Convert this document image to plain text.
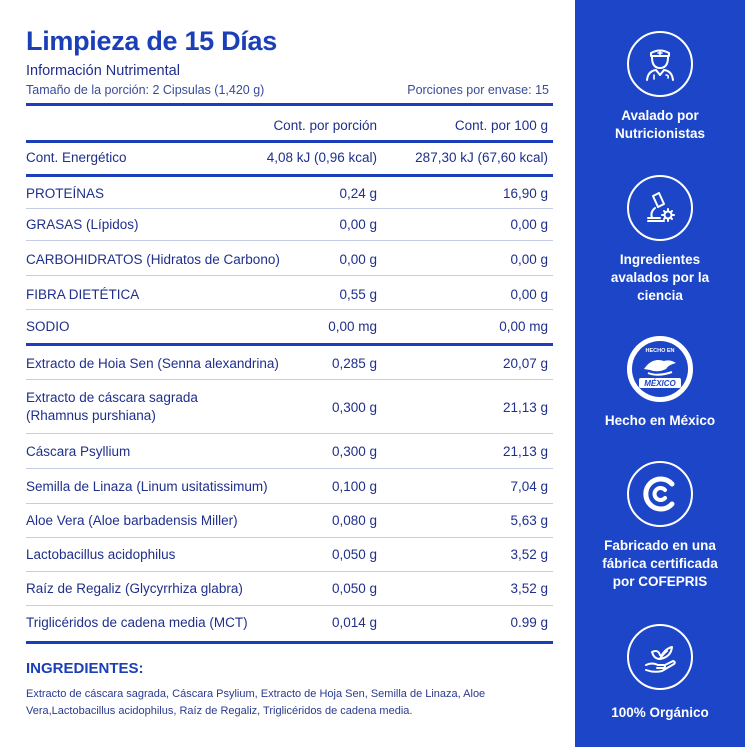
Limpieza de 15 Días
Información Nutrimental
Tamaño de la porción: 2 Cipsulas (1,420 g)	Porciones por envase: 15
Cont. por porción	Cont. por 100 g
Cont. Energético	4,08 kJ (0,96 kcal)	287,30 kJ (67,60 kcal)
PROTEÍNAS	0,24 g	16,90 g
GRASAS (Lípidos)	0,00 g	0,00 g
CARBOHIDRATOS (Hidratos de Carbono)	0,00 g	0,00 g
FIBRA DIETÉTICA	0,55 g	0,00 g
SODIO	0,00 mg	0,00 mg
Extracto de Hoia Sen (Senna alexandrina)	0,285 g	20,07 g
Extracto de cáscara sagrada
(Rhamnus purshiana)
0,300 g	21,13 g
Cáscara Psyllium	0,300 g	21,13 g
Semilla de Linaza (Linum usitatissimum)	0,100 g	7,04 g
Aloe Vera (Aloe barbadensis Miller)	0,080 g	5,63 g
Lactobacillus acidophilus	0,050 g	3,52 g
Raíz de Regaliz (Glycyrrhiza glabra)	0,050 g	3,52 g
Triglicéridos de cadena media (MCT)	0,014 g	0.99 g
INGREDIENTES:
Extracto de cáscara sagrada, Cáscara Psylium, Extracto de Hoja Sen, Semilla de Linaza, Aloe Vera,Lactobacillus acidophilus, Raíz de Regaliz, Triglicéridos de cadena media.
Avalado por
Nutricionistas
Ingredientes
avalados por la
ciencia
HECHO EN
MÉXICO
Hecho en México
Fabricado en una
fábrica certificada
por COFEPRIS
100% Orgánico
